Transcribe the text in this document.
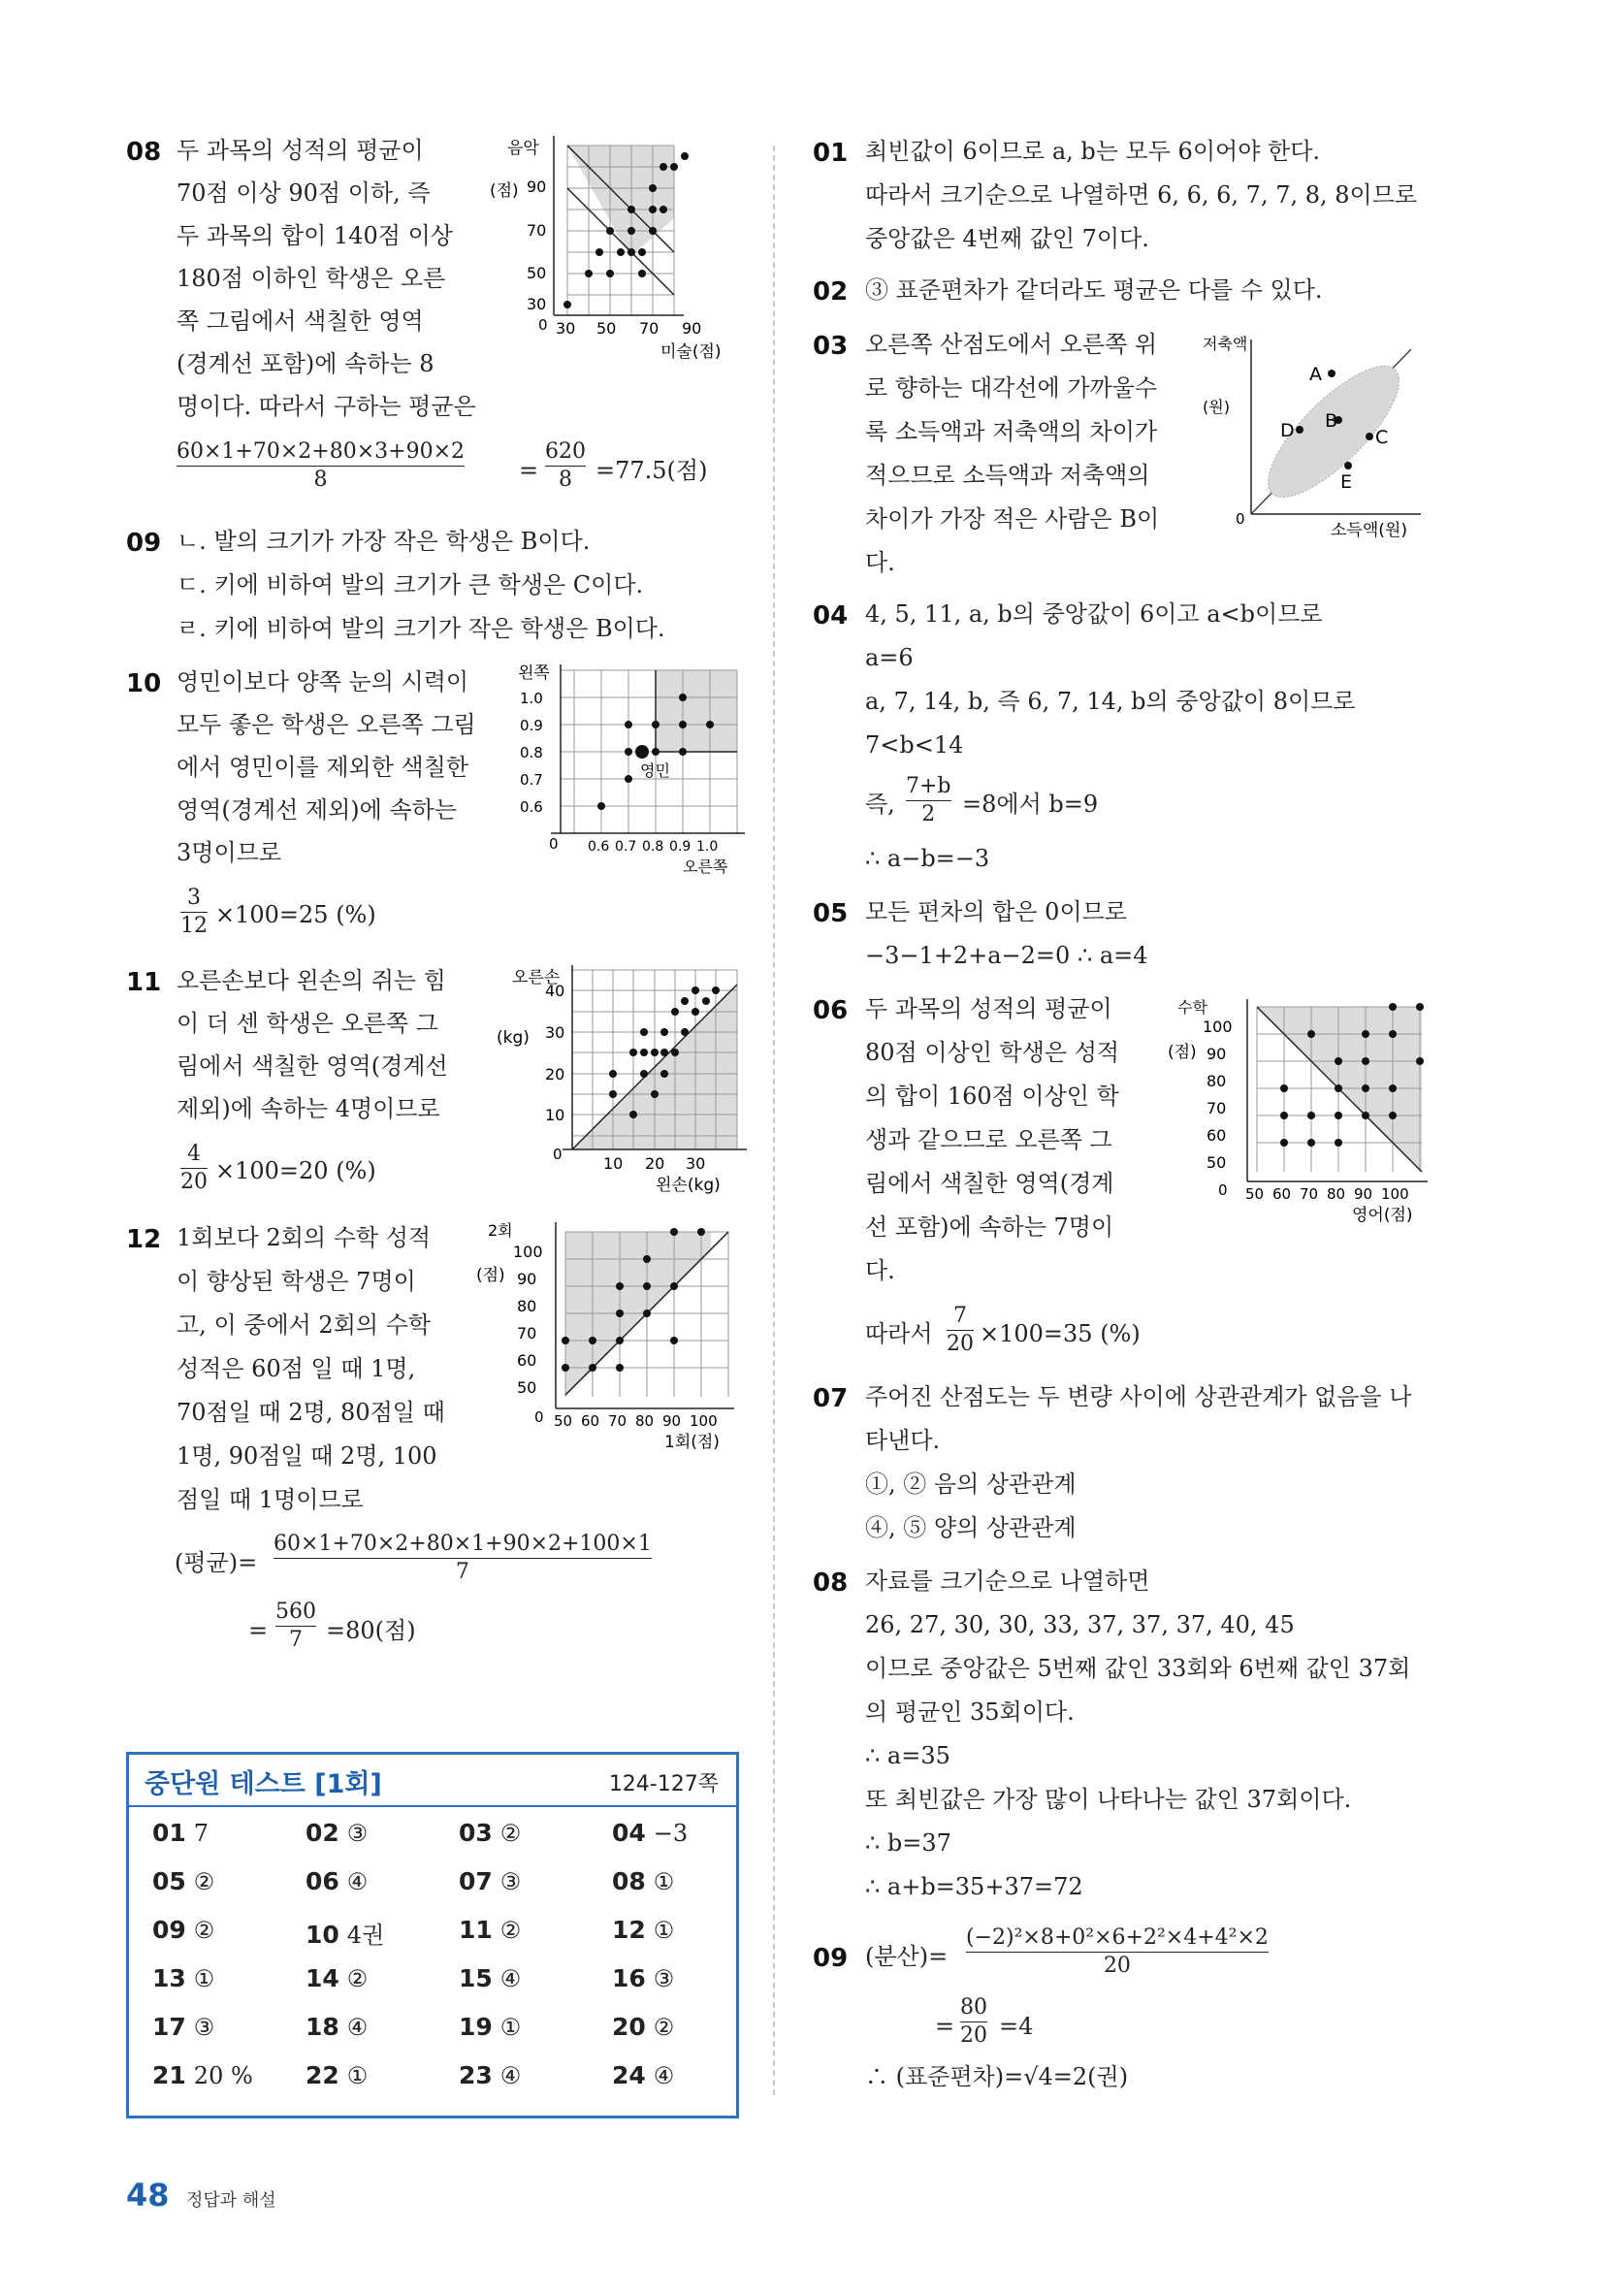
08 두 과목의 성적의 평균이
70점 이상 90점 이하, 즉
두 과목의 합이 140점 이상
180점 이하인 학생은 오른
쪽 그림에서 색칠한 영역
(경계선 포함)에 속하는 8
명이다. 따라서 구하는 평균은
$\frac{60\times 1+70\times 2+80\times 3+90\times 2}{8} = \frac{620}{8} =77.5$(점)
음악
(점) 90
70
50
30
0 30 50 70 90
미술(점)
09 ㄴ. 발의 크기가 가장 작은 학생은 B이다.
ㄷ. 키에 비하여 발의 크기가 큰 학생은 C이다.
ㄹ. 키에 비하여 발의 크기가 작은 학생은 B이다.
10 영민이보다 양쪽 눈의 시력이
모두 좋은 학생은 오른쪽 그림
에서 영민이를 제외한 색칠한
영역(경계선 제외)에 속하는
3명이므로
$\frac{3}{12} \times 100=25$ (%)
영민
왼쪽
1.0
0.9
0.8
0.7
0.6
0 0.6 0.7 0.8 0.9 1.0
오른쪽
11 오른손보다 왼손의 쥐는 힘
이 더 센 학생은 오른쪽 그
림에서 색칠한 영역(경계선
제외)에 속하는 4명이므로
$\frac{4}{20} \times 100=20$ (%)
오른손
(kg)
40
30
20
10
0	10 20 30
왼손(kg)
12 1회보다 2회의 수학 성적
이 향상된 학생은 7명이
고, 이 중에서 2회의 수학
성적은 60점 일 때 1명,
70점일 때 2명, 80점일 때
1명, 90점일 때 2명, 100
점일 때 1명이므로
(평균)= $\frac{60\times 1+70\times 2+80\times 1+90\times 2+100\times 1}{7}$
= $\frac{560}{7} =80$(점)
2회
(점)
100
90
80
70
60
50
0 50 60 70 80 90 100
1회(점)
중단원 테스트 [1회]	124-127쪽
01 7	02 ③	03 ②	04 −3
05 ②	06 ④	07 ③	08 ①
09 ②	10 4권	11 ②	12 ①
13 ①	14 ②	15 ④	16 ③
17 ③	18 ④	19 ①	20 ②
21 20 % 22 ①	23 ④	24 ④
48 정답과 해설
01 최빈값이 6이므로 a, b는 모두 6이어야 한다.
따라서 크기순으로 나열하면 6, 6, 6, 7, 7, 8, 8이므로
중앙값은 4번째 값인 7이다.
02 ③ 표준편차가 같더라도 평균은 다를 수 있다.
03 오른쪽 산점도에서 오른쪽 위
로 향하는 대각선에 가까울수
록 소득액과 저축액의 차이가
적으므로 소득액과 저축액의
차이가 가장 적은 사람은 B이
다.
A
B
C
D
E
저축액
(원)
0
소득액(원)
04 4, 5, 11, a, b의 중앙값이 6이고 a<b이므로
a=6
a, 7, 14, b, 즉 6, 7, 14, b의 중앙값이 8이므로
7<b<14
즉, $\frac{7+b}{2} =8$에서 b=9
∴ a−b=−3
05 모든 편차의 합은 0이므로
−3−1+2+a−2=0 ∴ a=4
06 두 과목의 성적의 평균이
80점 이상인 학생은 성적
의 합이 160점 이상인 학
생과 같으므로 오른쪽 그
림에서 색칠한 영역(경계
선 포함)에 속하는 7명이
다.
따라서 $\frac{7}{20} \times 100=35$ (%)
수학
(점)
100
90
80
70
60
50
0 50 60 70 80 90 100
영어(점)
07 주어진 산점도는 두 변량 사이에 상관관계가 없음을 나
타낸다.
①, ② 음의 상관관계
④, ⑤ 양의 상관관계
08 자료를 크기순으로 나열하면
26, 27, 30, 30, 33, 37, 37, 37, 40, 45
이므로 중앙값은 5번째 값인 33회와 6번째 값인 37회
의 평균인 35회이다.
∴ a=35
또 최빈값은 가장 많이 나타나는 값인 37회이다.
∴ b=37
∴ a+b=35+37=72
09 (분산)= $\frac{\text{(−2)²×8+0²×6+2²×4+4²×2}}{20}$
= $\frac{80}{20} =4$
∴ (표준편차)=√4=2(권)
